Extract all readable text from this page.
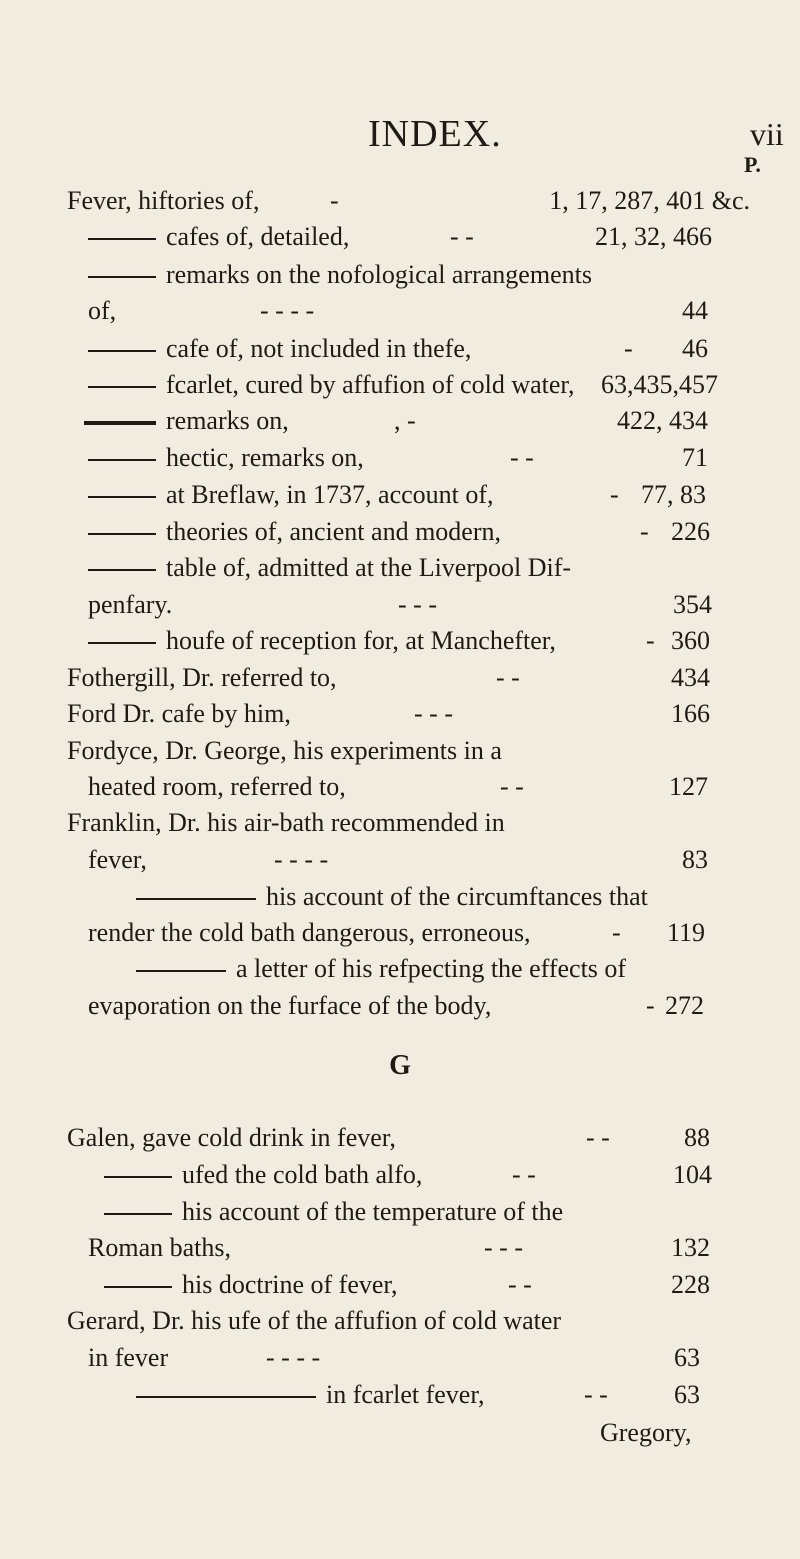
INDEX.	vii
P.
Fever, hiftories of,	-	1, 17, 287, 401 &c.
cafes of, detailed,	- -	21, 32, 466
remarks on the nofological arrangements
of,	- - - -	44
cafe of, not included in thefe,	- 46
fcarlet, cured by affufion of cold water, 63,435,457
remarks on,	, -	422, 434
hectic, remarks on,	- -	71
at Breflaw, in 1737, account of,	- 77, 83
theories of, ancient and modern,	- 226
table of, admitted at the Liverpool Dif-
penfary.	- - -	354
houfe of reception for, at Manchefter,	- 360
Fothergill, Dr. referred to,	- -	434
Ford Dr. cafe by him,	- - -	166
Fordyce, Dr. George, his experiments in a
heated room, referred to,	- -	127
Franklin, Dr. his air-bath recommended in
fever,	- - - -	83
his account of the circumftances that
render the cold bath dangerous, erroneous,	- 119
a letter of his refpecting the effects of
evaporation on the furface of the body,	- 272
G
Galen, gave cold drink in fever,	- -	88
ufed the cold bath alfo,	- -	104
his account of the temperature of the
Roman baths,	- - -	132
his doctrine of fever,	- -	228
Gerard, Dr. his ufe of the affufion of cold water
in fever	- - - -	63
in fcarlet fever,	- -	63
Gregory,
